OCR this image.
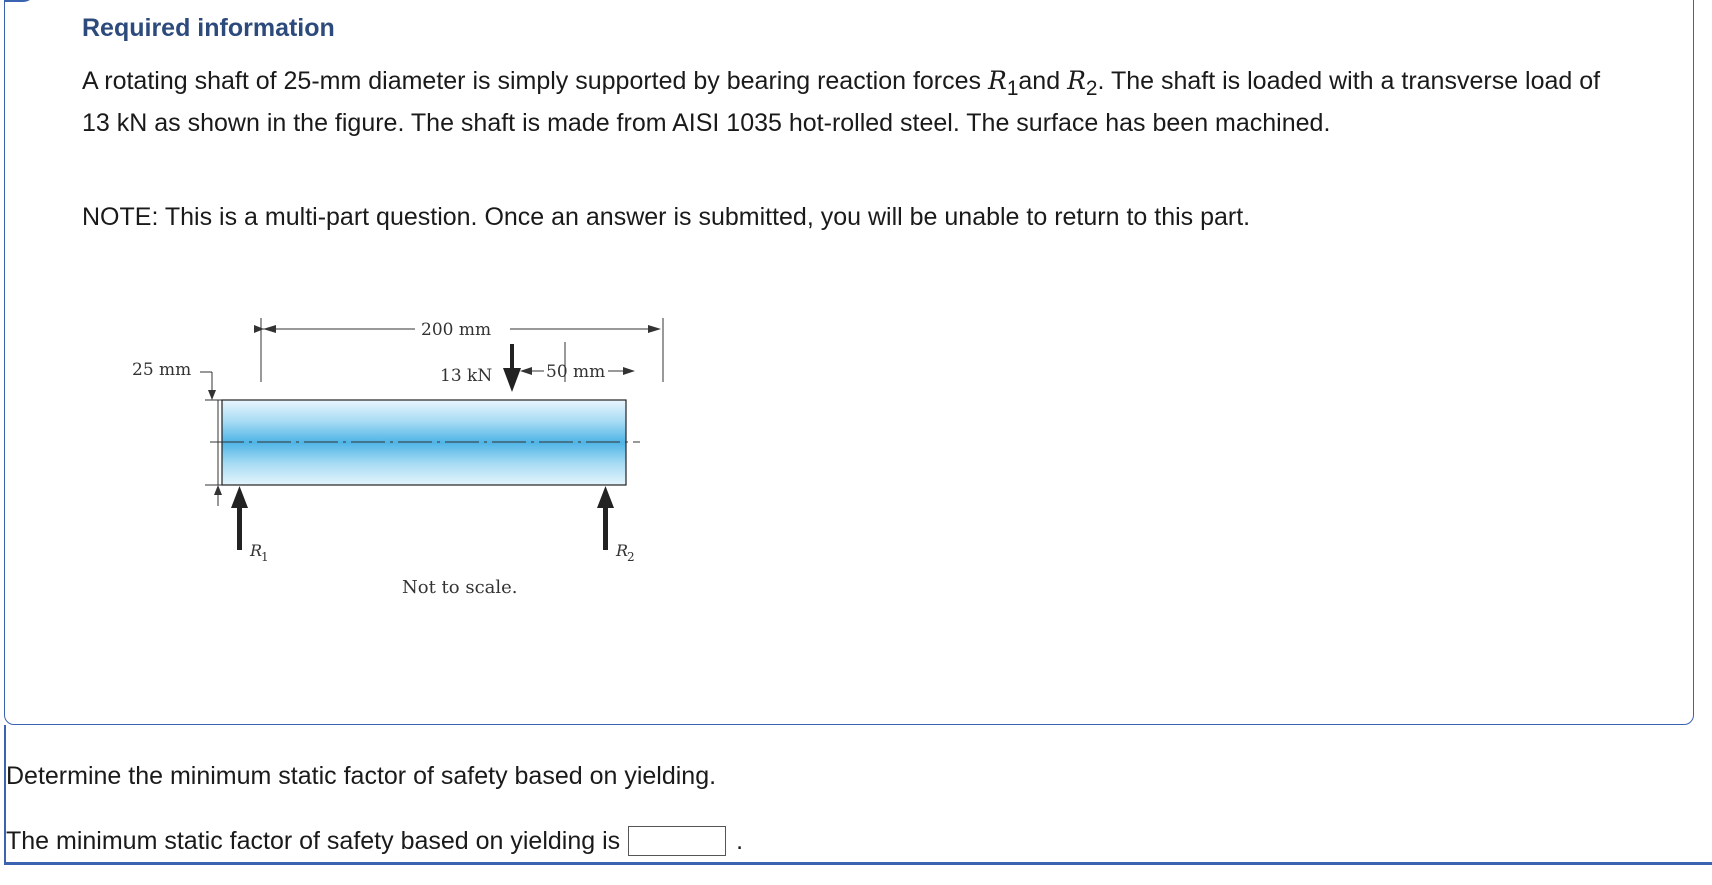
Required information

A rotating shaft of 25-mm diameter is simply supported by bearing reaction forces $R_1and$ $R_2$. The shaft is loaded with a transverse load of 13 kN as shown in the figure. The shaft is made from AISI 1035 hot-rolled steel. The surface has been machined.

NOTE: This is a multi-part question. Once an answer is submitted, you will be unable to return to this part.

200 mm
13 kN	50 mm
25 mm
R
1	R
2
Not to scale.

Determine the minimum static factor of safety based on yielding.

The minimum static factor of safety based on yielding is	.
